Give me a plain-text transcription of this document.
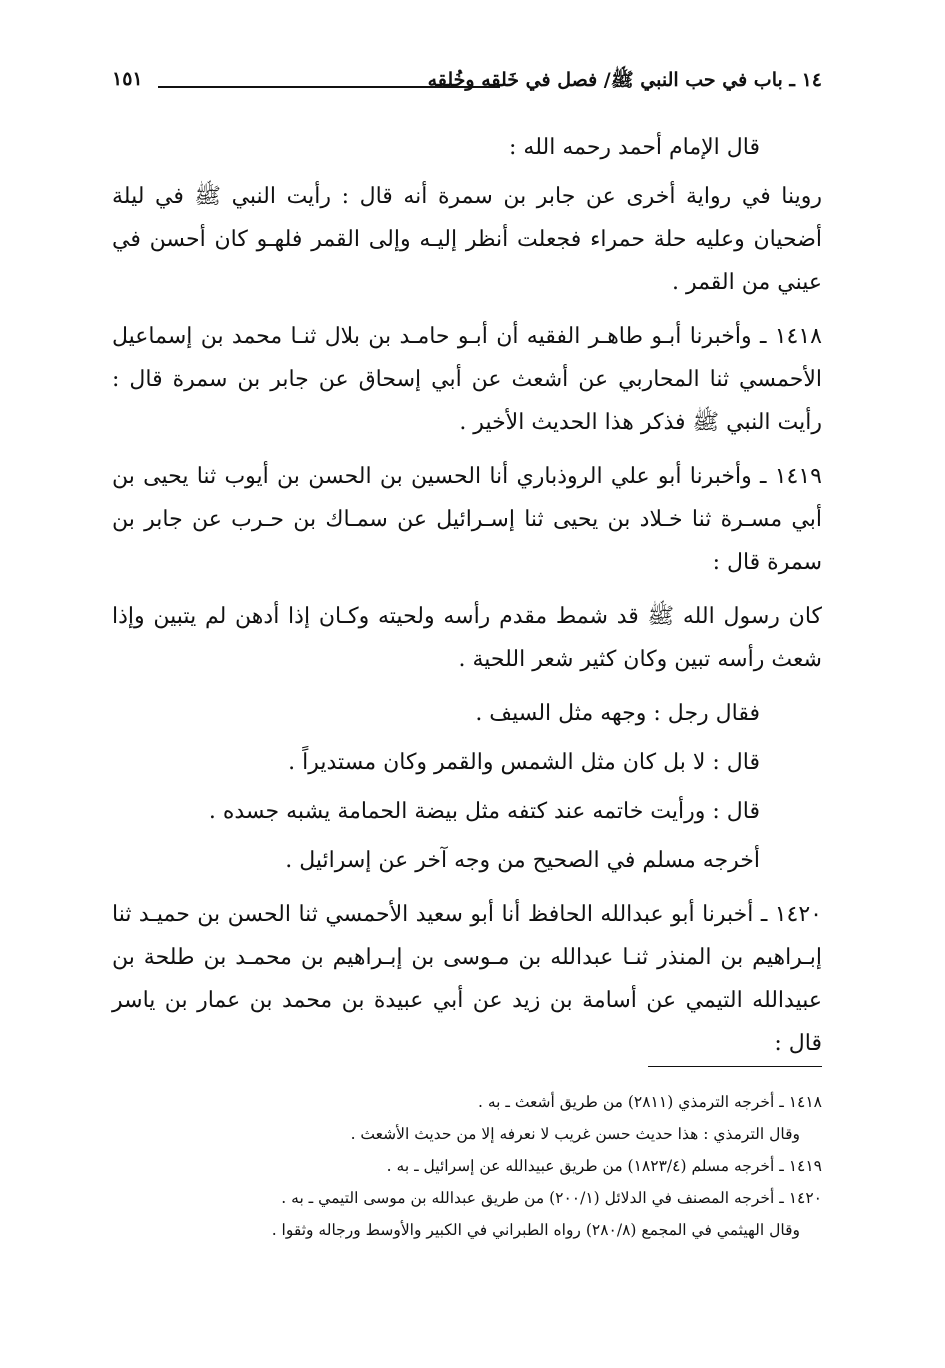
١٤ ـ باب في حب النبي ﷺ/ فصل في خَلقه وخُلقه
١٥١

قال الإمام أحمد رحمه الله :

روينا في رواية أخرى عن جابر بن سمرة أنه قال : رأيت النبي ﷺ في ليلة أضحيان وعليه حلة حمراء فجعلت أنظر إليـه وإلى القمر فلهـو كان أحسن في عيني من القمر .

١٤١٨ ـ وأخبرنا أبـو طاهـر الفقيه أن أبـو حامـد بن بلال ثنـا محمد بن إسماعيل الأحمسي ثنا المحاربي عن أشعث عن أبي إسحاق عن جابر بن سمرة قال : رأيت النبي ﷺ فذكر هذا الحديث الأخير .

١٤١٩ ـ وأخبرنا أبو علي الروذباري أنا الحسين بن الحسن بن أيوب ثنا يحيى بن أبي مسـرة ثنا خـلاد بن يحيى ثنا إسـرائيل عن سمـاك بن حـرب عن جابر بن سمرة قال :

كان رسول الله ﷺ قد شمط مقدم رأسه ولحيته وكـان إذا أدهن لم يتبين وإذا شعث رأسه تبين وكان كثير شعر اللحية .

فقال رجل : وجهه مثل السيف .

قال : لا بل كان مثل الشمس والقمر وكان مستديراً .

قال : ورأيت خاتمه عند كتفه مثل بيضة الحمامة يشبه جسده .

أخرجه مسلم في الصحيح من وجه آخر عن إسرائيل .

١٤٢٠ ـ أخبرنا أبو عبدالله الحافظ أنا أبو سعيد الأحمسي ثنا الحسن بن حميـد ثنا إبـراهيم بن المنذر ثنـا عبدالله بن مـوسى بن إبـراهيم بن محمـد بن طلحة بن عبيدالله التيمي عن أسامة بن زيد عن أبي عبيدة بن محمد بن عمار بن ياسر قال :

١٤١٨ ـ أخرجه الترمذي (٢٨١١) من طريق أشعث ـ به .
وقال الترمذي : هذا حديث حسن غريب لا نعرفه إلا من حديث الأشعث .
١٤١٩ ـ أخرجه مسلم (١٨٢٣/٤) من طريق عبيدالله عن إسرائيل ـ به .
١٤٢٠ ـ أخرجه المصنف في الدلائل (٢٠٠/١) من طريق عبدالله بن موسى التيمي ـ به .
وقال الهيثمي في المجمع (٢٨٠/٨) رواه الطبراني في الكبير والأوسط ورجاله وثقوا .
